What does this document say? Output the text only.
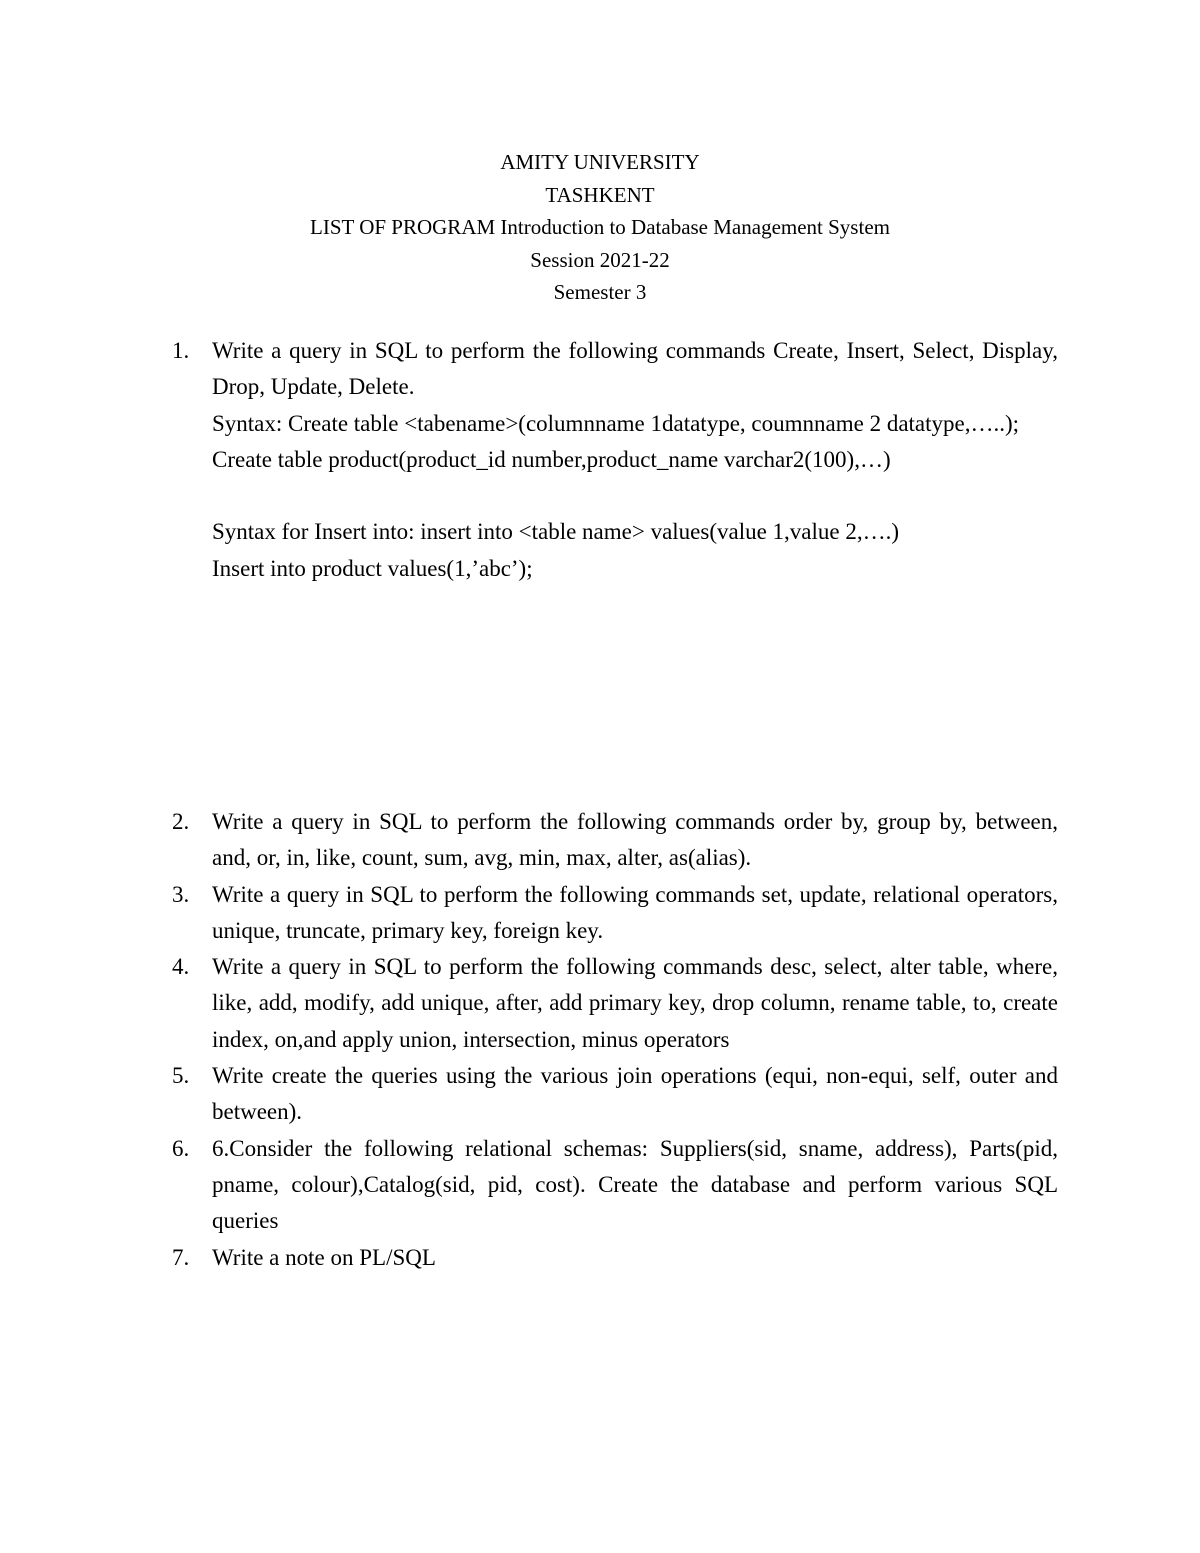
AMITY UNIVERSITY
TASHKENT
LIST OF PROGRAM Introduction to Database Management System
Session 2021-22
Semester 3
1. Write a query in SQL to perform the following commands Create, Insert, Select, Display, Drop, Update, Delete.
Syntax: Create table <tabename>(columnname 1datatype, coumnname 2 datatype,…..);
Create table product(product_id number,product_name varchar2(100),…)
Syntax for Insert into: insert into <table name> values(value 1,value 2,….)
Insert into product values(1,’abc’);
2. Write a query in SQL to perform the following commands order by, group by, between, and, or, in, like, count, sum, avg, min, max, alter, as(alias).
3. Write a query in SQL to perform the following commands set, update, relational operators, unique, truncate, primary key, foreign key.
4. Write a query in SQL to perform the following commands desc, select, alter table, where, like, add, modify, add unique, after, add primary key, drop column, rename table, to, create index, on,and apply union, intersection, minus operators
5. Write create the queries using the various join operations (equi, non-equi, self, outer and between).
6. 6.Consider the following relational schemas: Suppliers(sid, sname, address), Parts(pid, pname, colour),Catalog(sid, pid, cost). Create the database and perform various SQL queries
7. Write a note on PL/SQL
